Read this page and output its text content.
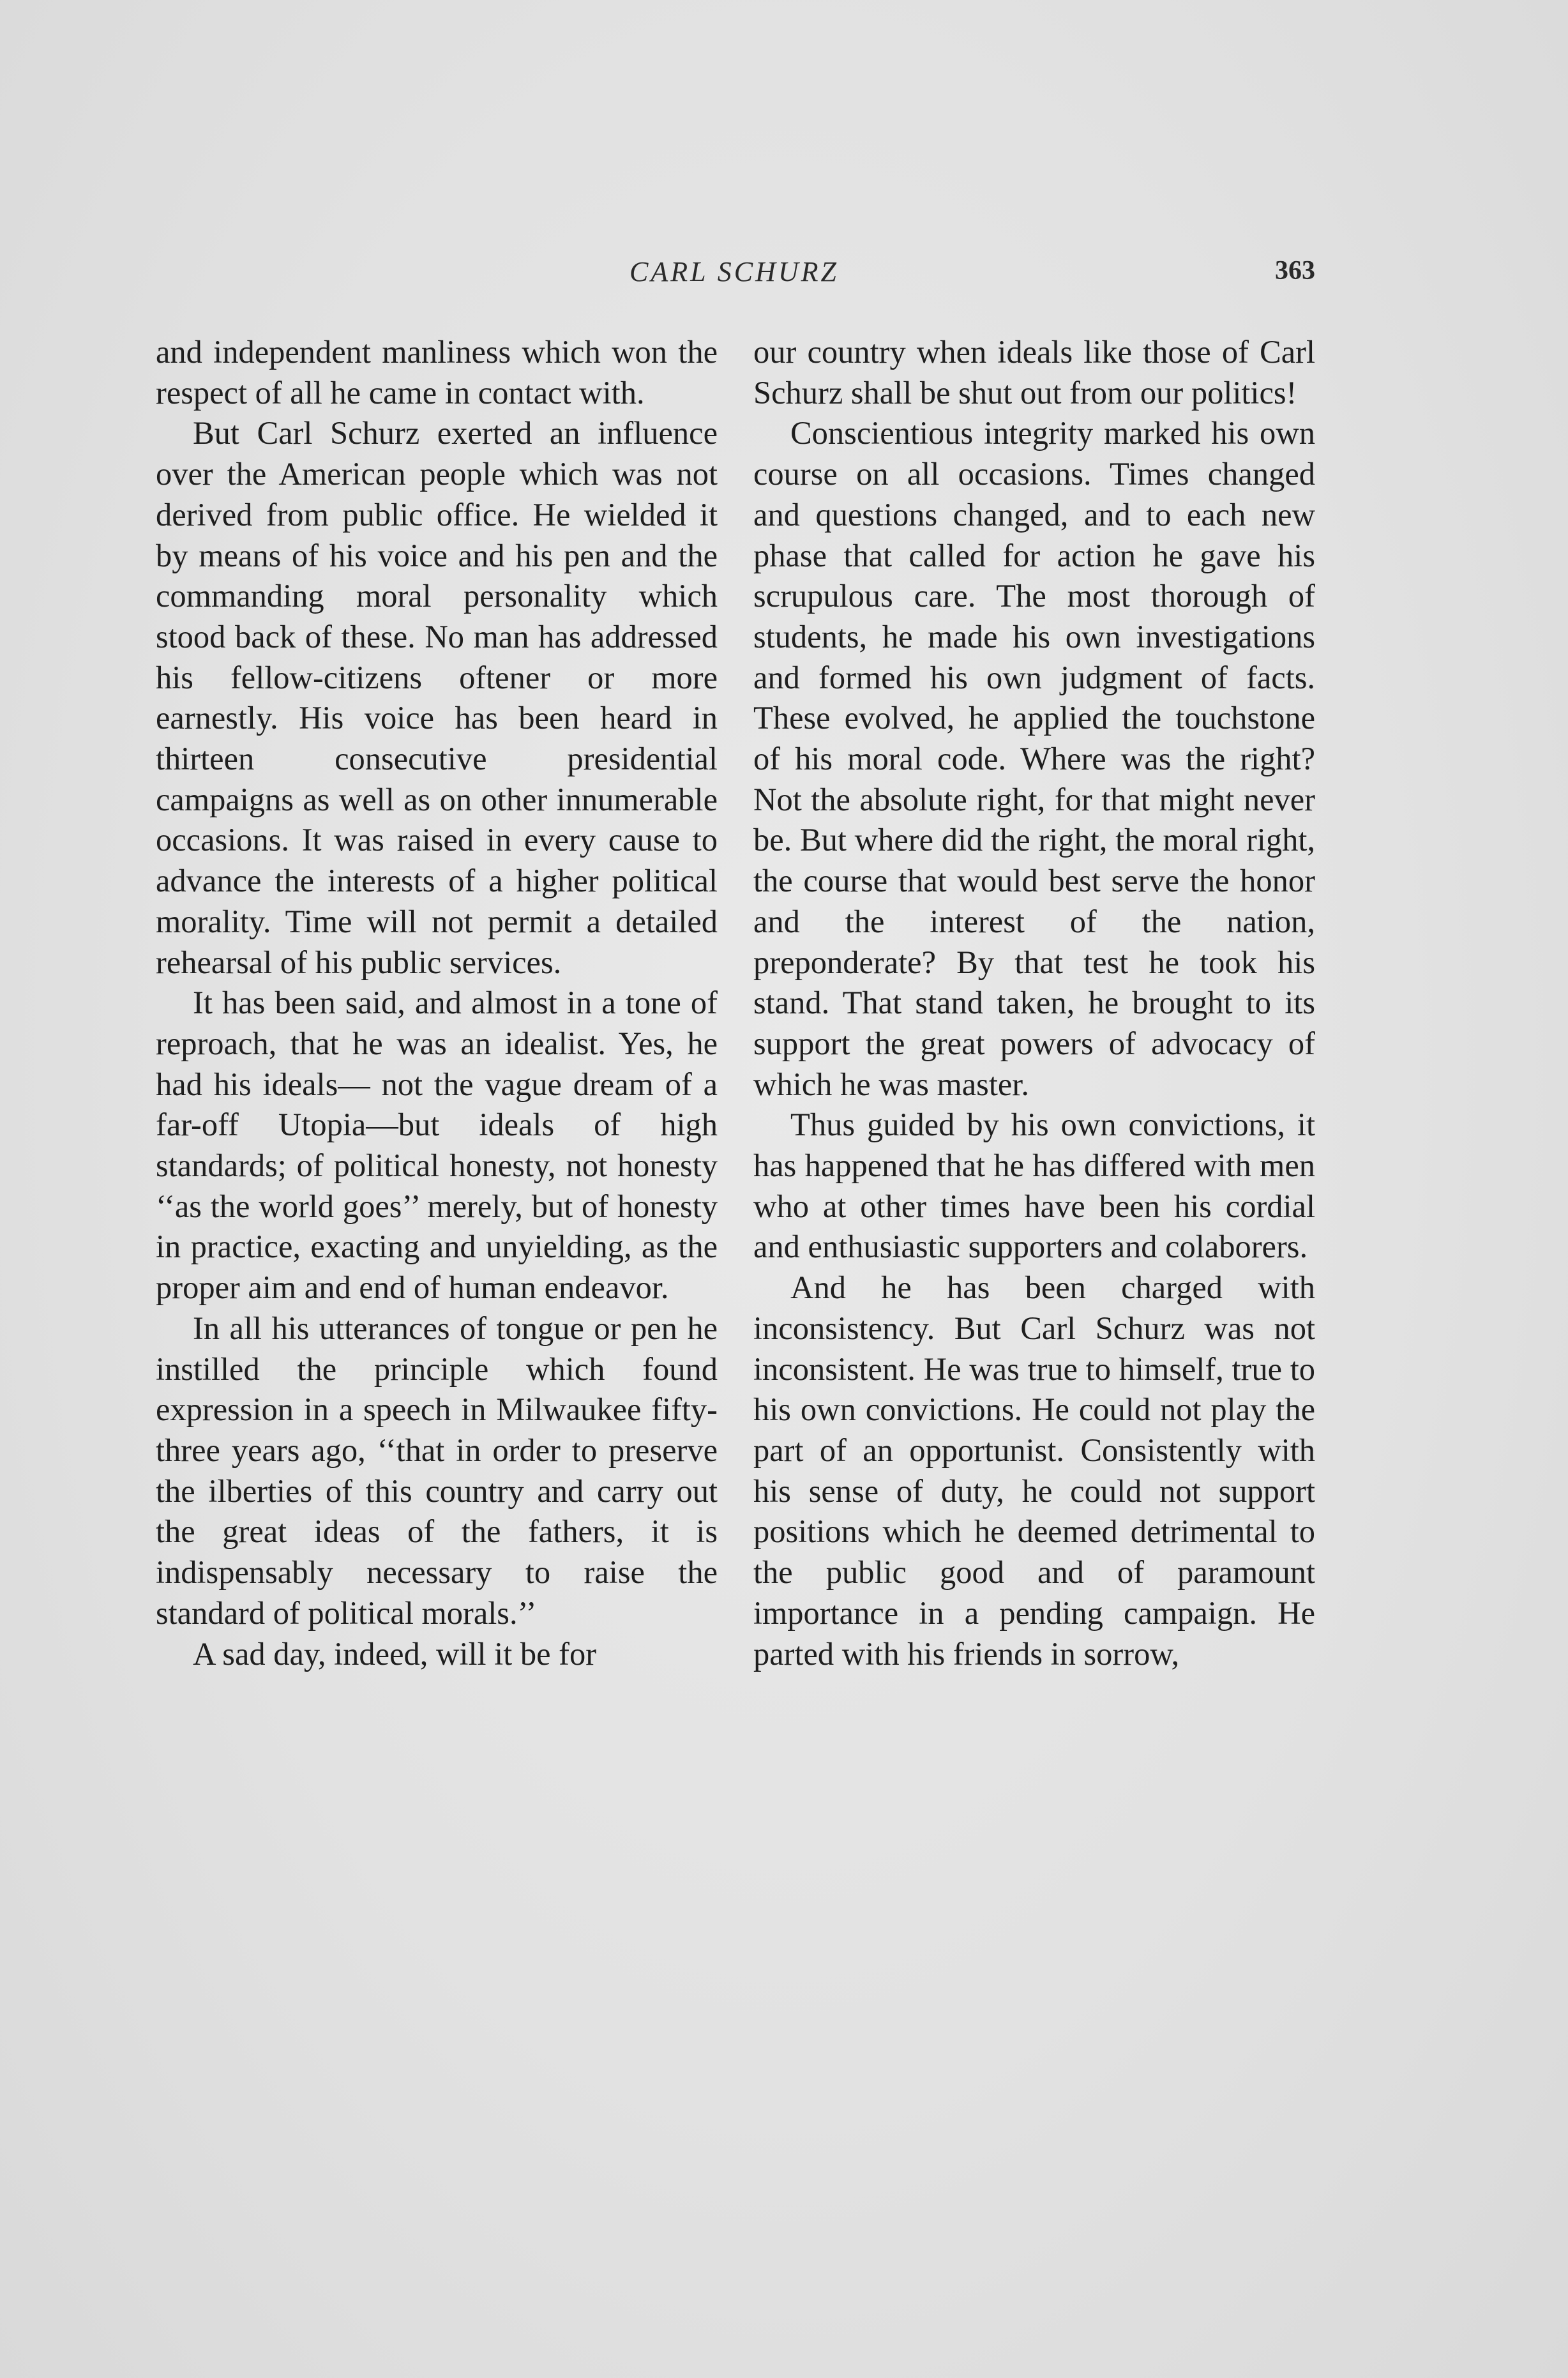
CARL SCHURZ	363

and independent manliness which won the respect of all he came in contact with.

But Carl Schurz exerted an influence over the American people which was not derived from public office. He wielded it by means of his voice and his pen and the commanding moral personality which stood back of these. No man has addressed his fellow-citizens oftener or more earnestly. His voice has been heard in thirteen consecutive presidential campaigns as well as on other innumerable occasions. It was raised in every cause to advance the interests of a higher political morality. Time will not permit a detailed rehearsal of his public services.

It has been said, and almost in a tone of reproach, that he was an idealist. Yes, he had his ideals— not the vague dream of a far-off Utopia—but ideals of high standards; of political honesty, not honesty ‘‘as the world goes’’ merely, but of honesty in practice, exacting and unyielding, as the proper aim and end of human endeavor.

In all his utterances of tongue or pen he instilled the principle which found expression in a speech in Milwaukee fifty-three years ago, ‘‘that in order to preserve the ilberties of this country and carry out the great ideas of the fathers, it is indispensably necessary to raise the standard of political morals.’’

A sad day, indeed, will it be for

our country when ideals like those of Carl Schurz shall be shut out from our politics!

Conscientious integrity marked his own course on all occasions. Times changed and questions changed, and to each new phase that called for action he gave his scrupulous care. The most thorough of students, he made his own investigations and formed his own judgment of facts. These evolved, he applied the touchstone of his moral code. Where was the right? Not the absolute right, for that might never be. But where did the right, the moral right, the course that would best serve the honor and the interest of the nation, preponderate? By that test he took his stand. That stand taken, he brought to its support the great powers of advocacy of which he was master.

Thus guided by his own convictions, it has happened that he has differed with men who at other times have been his cordial and enthusiastic supporters and colaborers.

And he has been charged with inconsistency. But Carl Schurz was not inconsistent. He was true to himself, true to his own convictions. He could not play the part of an opportunist. Consistently with his sense of duty, he could not support positions which he deemed detrimental to the public good and of paramount importance in a pending campaign. He parted with his friends in sorrow,
